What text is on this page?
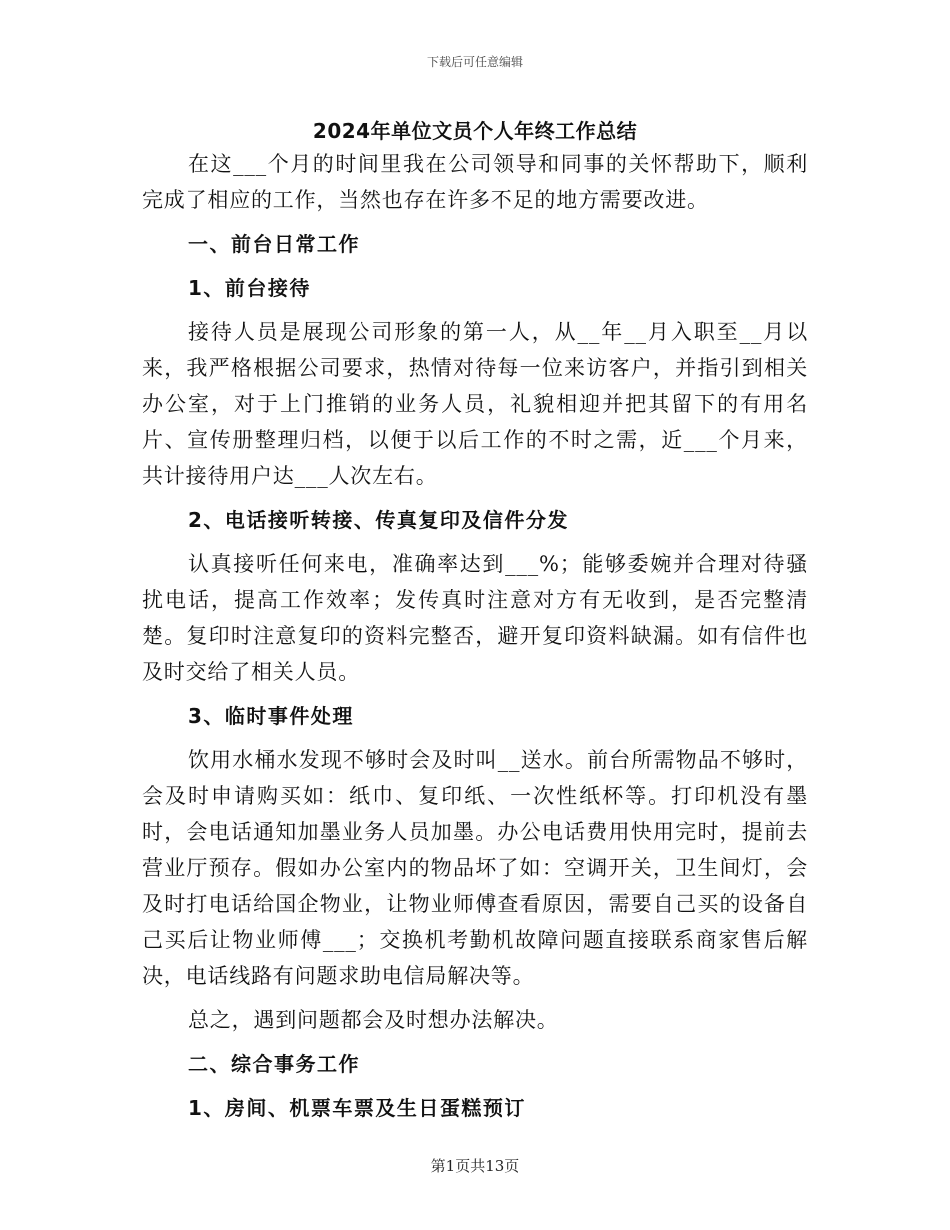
下载后可任意编辑
2024年单位文员个人年终工作总结

在这___个月的时间里我在公司领导和同事的关怀帮助下，顺利完成了相应的工作，当然也存在许多不足的地方需要改进。

一、前台日常工作

1、前台接待

接待人员是展现公司形象的第一人，从__年__月入职至__月以来，我严格根据公司要求，热情对待每一位来访客户，并指引到相关办公室，对于上门推销的业务人员，礼貌相迎并把其留下的有用名片、宣传册整理归档，以便于以后工作的不时之需，近___个月来，共计接待用户达___人次左右。

2、电话接听转接、传真复印及信件分发

认真接听任何来电，准确率达到___%；能够委婉并合理对待骚扰电话，提高工作效率；发传真时注意对方有无收到，是否完整清楚。复印时注意复印的资料完整否，避开复印资料缺漏。如有信件也及时交给了相关人员。

3、临时事件处理

饮用水桶水发现不够时会及时叫__送水。前台所需物品不够时，会及时申请购买如：纸巾、复印纸、一次性纸杯等。打印机没有墨时，会电话通知加墨业务人员加墨。办公电话费用快用完时，提前去营业厅预存。假如办公室内的物品坏了如：空调开关，卫生间灯，会及时打电话给国企物业，让物业师傅查看原因，需要自己买的设备自己买后让物业师傅___；交换机考勤机故障问题直接联系商家售后解决，电话线路有问题求助电信局解决等。

总之，遇到问题都会及时想办法解决。

二、综合事务工作

1、房间、机票车票及生日蛋糕预订

第1页共13页
